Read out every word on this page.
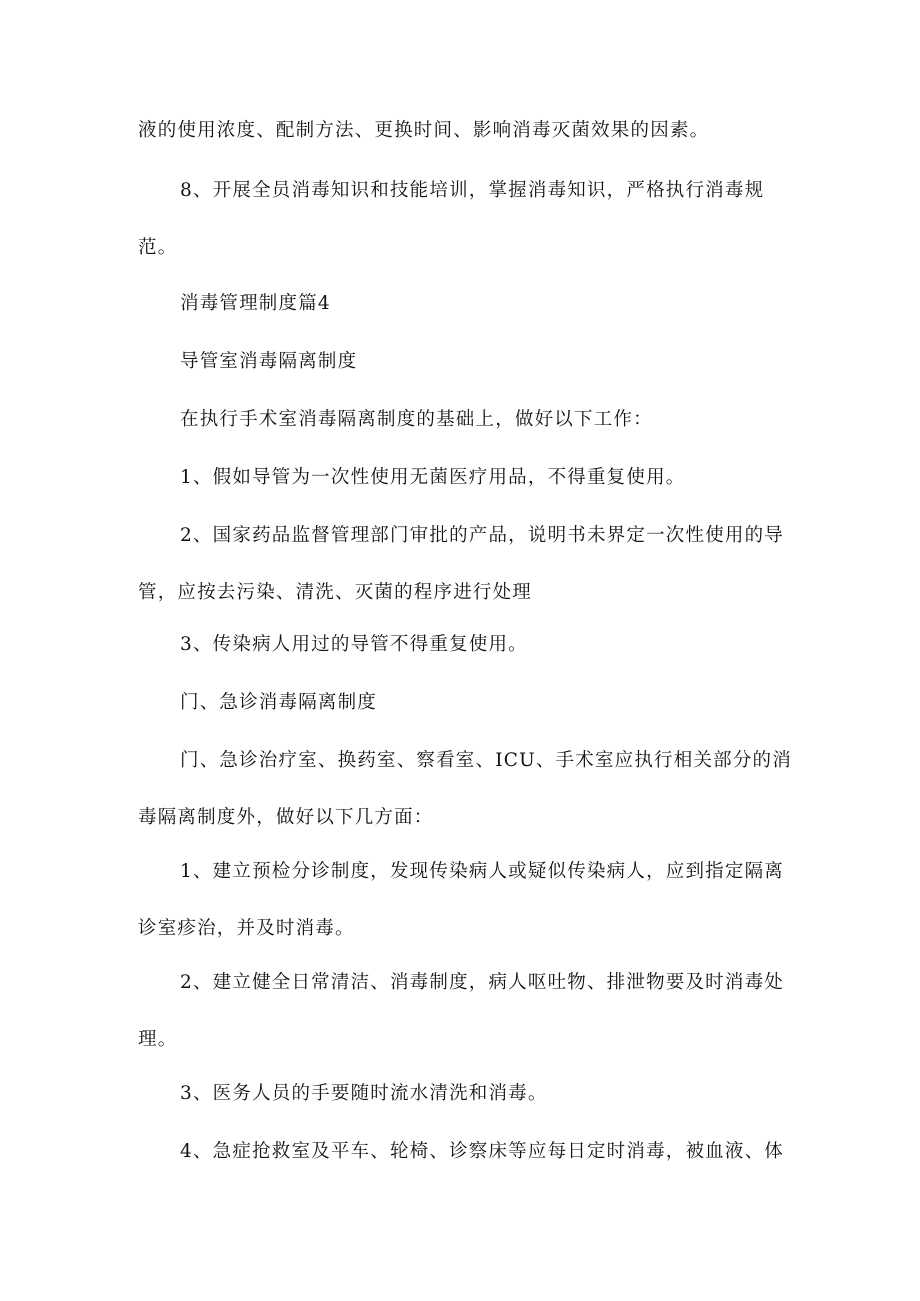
液的使用浓度、配制方法、更换时间、影响消毒灭菌效果的因素。

8、开展全员消毒知识和技能培训，掌握消毒知识，严格执行消毒规范。

消毒管理制度篇4

导管室消毒隔离制度

在执行手术室消毒隔离制度的基础上，做好以下工作：

1、假如导管为一次性使用无菌医疗用品，不得重复使用。

2、国家药品监督管理部门审批的产品，说明书未界定一次性使用的导管，应按去污染、清洗、灭菌的程序进行处理

3、传染病人用过的导管不得重复使用。

门、急诊消毒隔离制度

门、急诊治疗室、换药室、察看室、ICU、手术室应执行相关部分的消毒隔离制度外，做好以下几方面：

1、建立预检分诊制度，发现传染病人或疑似传染病人，应到指定隔离诊室疹治，并及时消毒。

2、建立健全日常清洁、消毒制度，病人呕吐物、排泄物要及时消毒处理。

3、医务人员的手要随时流水清洗和消毒。

4、急症抢救室及平车、轮椅、诊察床等应每日定时消毒，被血液、体
